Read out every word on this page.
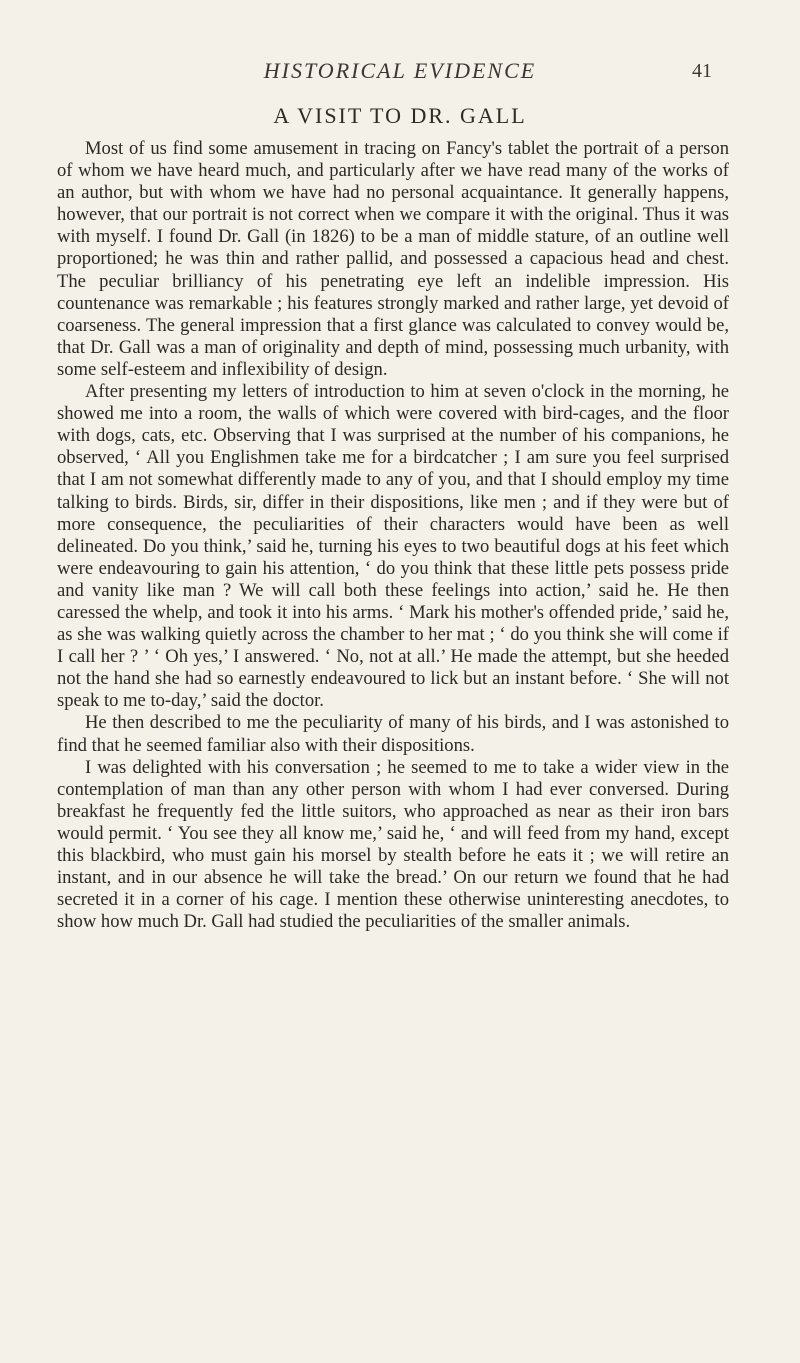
HISTORICAL EVIDENCE	41
A VISIT TO DR. GALL

Most of us find some amusement in tracing on Fancy's tablet the portrait of a person of whom we have heard much, and particularly after we have read many of the works of an author, but with whom we have had no personal acquaintance. It generally happens, however, that our portrait is not correct when we compare it with the original. Thus it was with myself. I found Dr. Gall (in 1826) to be a man of middle stature, of an outline well proportioned; he was thin and rather pallid, and possessed a capacious head and chest. The peculiar brilliancy of his penetrating eye left an indelible impression. His countenance was remarkable ; his features strongly marked and rather large, yet devoid of coarseness. The general impression that a first glance was calculated to convey would be, that Dr. Gall was a man of originality and depth of mind, possessing much urbanity, with some self-esteem and inflexibility of design.

After presenting my letters of introduction to him at seven o'clock in the morning, he showed me into a room, the walls of which were covered with bird-cages, and the floor with dogs, cats, etc. Observing that I was surprised at the number of his companions, he observed, ‘ All you Englishmen take me for a birdcatcher ; I am sure you feel surprised that I am not somewhat differently made to any of you, and that I should employ my time talking to birds. Birds, sir, differ in their dispositions, like men ; and if they were but of more consequence, the peculiarities of their characters would have been as well delineated. Do you think,’ said he, turning his eyes to two beautiful dogs at his feet which were endeavouring to gain his attention, ‘ do you think that these little pets possess pride and vanity like man ? We will call both these feelings into action,’ said he. He then caressed the whelp, and took it into his arms. ‘ Mark his mother's offended pride,’ said he, as she was walking quietly across the chamber to her mat ; ‘ do you think she will come if I call her ? ’ ‘ Oh yes,’ I answered. ‘ No, not at all.’ He made the attempt, but she heeded not the hand she had so earnestly endeavoured to lick but an instant before. ‘ She will not speak to me to-day,’ said the doctor.

He then described to me the peculiarity of many of his birds, and I was astonished to find that he seemed familiar also with their dispositions.

I was delighted with his conversation ; he seemed to me to take a wider view in the contemplation of man than any other person with whom I had ever conversed. During breakfast he frequently fed the little suitors, who approached as near as their iron bars would permit. ‘ You see they all know me,’ said he, ‘ and will feed from my hand, except this blackbird, who must gain his morsel by stealth before he eats it ; we will retire an instant, and in our absence he will take the bread.’ On our return we found that he had secreted it in a corner of his cage. I mention these otherwise uninteresting anecdotes, to show how much Dr. Gall had studied the peculiarities of the smaller animals.
